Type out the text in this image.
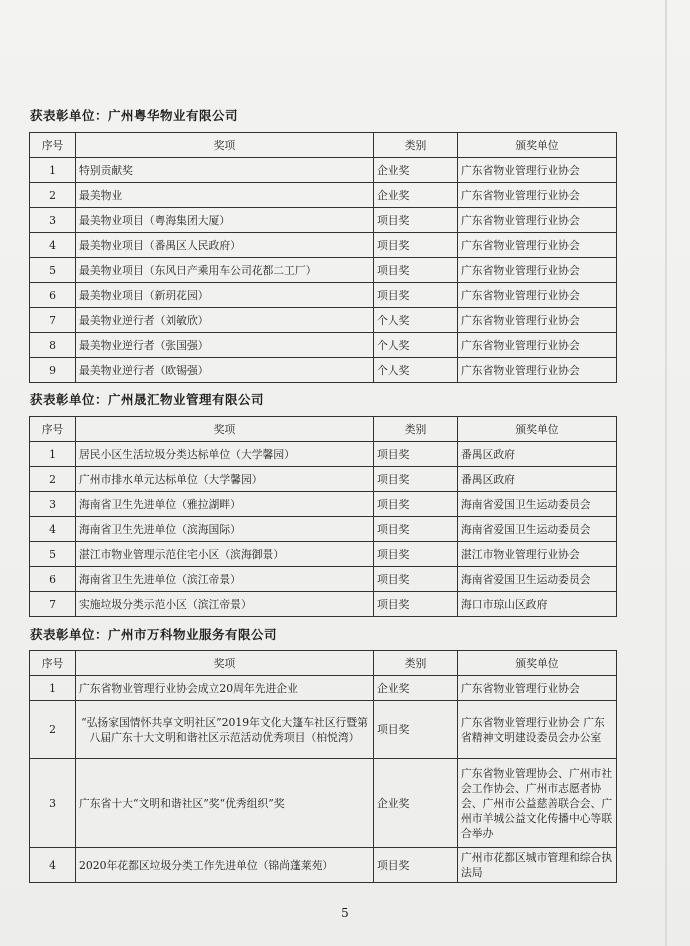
获表彰单位：广州粤华物业有限公司
序号	奖项	类别	颁奖单位
1	特别贡献奖	企业奖	广东省物业管理行业协会
2	最美物业	企业奖	广东省物业管理行业协会
3	最美物业项目（粤海集团大厦）	项目奖	广东省物业管理行业协会
4	最美物业项目（番禺区人民政府）	项目奖	广东省物业管理行业协会
5	最美物业项目（东风日产乘用车公司花都二工厂）	项目奖	广东省物业管理行业协会
6	最美物业项目（新玥花园）	项目奖	广东省物业管理行业协会
7	最美物业逆行者（刘敏欣）	个人奖	广东省物业管理行业协会
8	最美物业逆行者（张国强）	个人奖	广东省物业管理行业协会
9	最美物业逆行者（欧锡强）	个人奖	广东省物业管理行业协会
获表彰单位：广州晟汇物业管理有限公司
序号	奖项	类别	颁奖单位
1	居民小区生活垃圾分类达标单位（大学馨园）	项目奖	番禺区政府
2	广州市排水单元达标单位（大学馨园）	项目奖	番禺区政府
3	海南省卫生先进单位（雅拉湖畔）	项目奖	海南省爱国卫生运动委员会
4	海南省卫生先进单位（滨海国际）	项目奖	海南省爱国卫生运动委员会
5	湛江市物业管理示范住宅小区（滨海御景）	项目奖	湛江市物业管理行业协会
6	海南省卫生先进单位（滨江帝景）	项目奖	海南省爱国卫生运动委员会
7	实施垃圾分类示范小区（滨江帝景）	项目奖	海口市琼山区政府
获表彰单位：广州市万科物业服务有限公司
序号	奖项	类别	颁奖单位
1	广东省物业管理行业协会成立20周年先进企业	企业奖	广东省物业管理行业协会
2	“弘扬家国情怀共享文明社区”2019年文化大篷车社区行暨第八届广东十大文明和谐社区示范活动优秀项目（柏悦湾）	项目奖	广东省物业管理行业协会 广东省精神文明建设委员会办公室
3	广东省十大“文明和谐社区”奖“优秀组织”奖	企业奖	广东省物业管理协会、广州市社会工作协会、广州市志愿者协会、广州市公益慈善联合会、广州市羊城公益文化传播中心等联合举办
4	2020年花都区垃圾分类工作先进单位（锦尚蓬莱苑）	项目奖	广州市花都区城市管理和综合执法局
5
